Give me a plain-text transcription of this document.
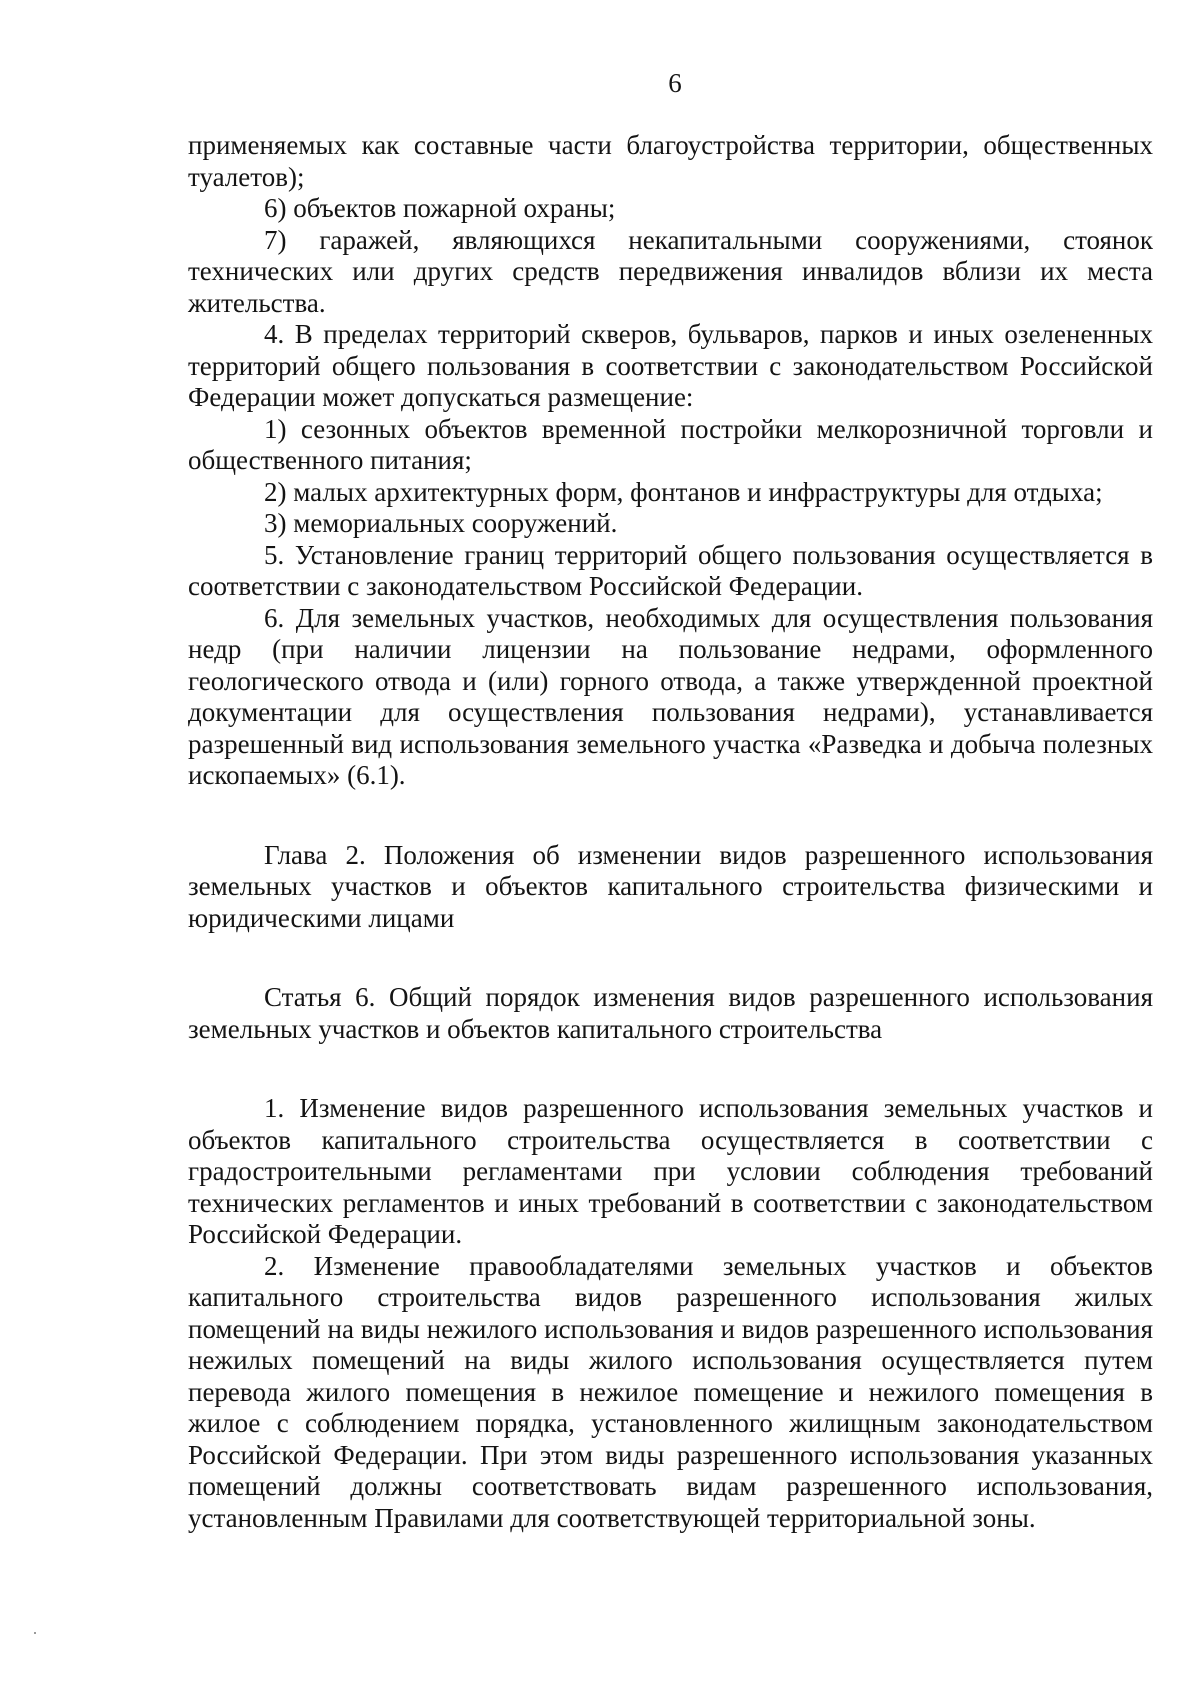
6

применяемых как составные части благоустройства территории, общественных туалетов);

6) объектов пожарной охраны;

7) гаражей, являющихся некапитальными сооружениями, стоянок технических или других средств передвижения инвалидов вблизи их места жительства.

4. В пределах территорий скверов, бульваров, парков и иных озелененных территорий общего пользования в соответствии с законодательством Российской Федерации может допускаться размещение:

1) сезонных объектов временной постройки мелкорозничной торговли и общественного питания;

2) малых архитектурных форм, фонтанов и инфраструктуры для отдыха;

3) мемориальных сооружений.

5. Установление границ территорий общего пользования осуществляется в соответствии с законодательством Российской Федерации.

6. Для земельных участков, необходимых для осуществления пользования недр (при наличии лицензии на пользование недрами, оформленного геологического отвода и (или) горного отвода, а также утвержденной проектной документации для осуществления пользования недрами), устанавливается разрешенный вид использования земельного участка «Разведка и добыча полезных ископаемых» (6.1).

Глава 2. Положения об изменении видов разрешенного использования земельных участков и объектов капитального строительства физическими и юридическими лицами

Статья 6. Общий порядок изменения видов разрешенного использования земельных участков и объектов капитального строительства

1. Изменение видов разрешенного использования земельных участков и объектов капитального строительства осуществляется в соответствии с градостроительными регламентами при условии соблюдения требований технических регламентов и иных требований в соответствии с законодательством Российской Федерации.

2. Изменение правообладателями земельных участков и объектов капитального строительства видов разрешенного использования жилых помещений на виды нежилого использования и видов разрешенного использования нежилых помещений на виды жилого использования осуществляется путем перевода жилого помещения в нежилое помещение и нежилого помещения в жилое с соблюдением порядка, установленного жилищным законодательством Российской Федерации. При этом виды разрешенного использования указанных помещений должны соответствовать видам разрешенного использования, установленным Правилами для соответствующей территориальной зоны.
